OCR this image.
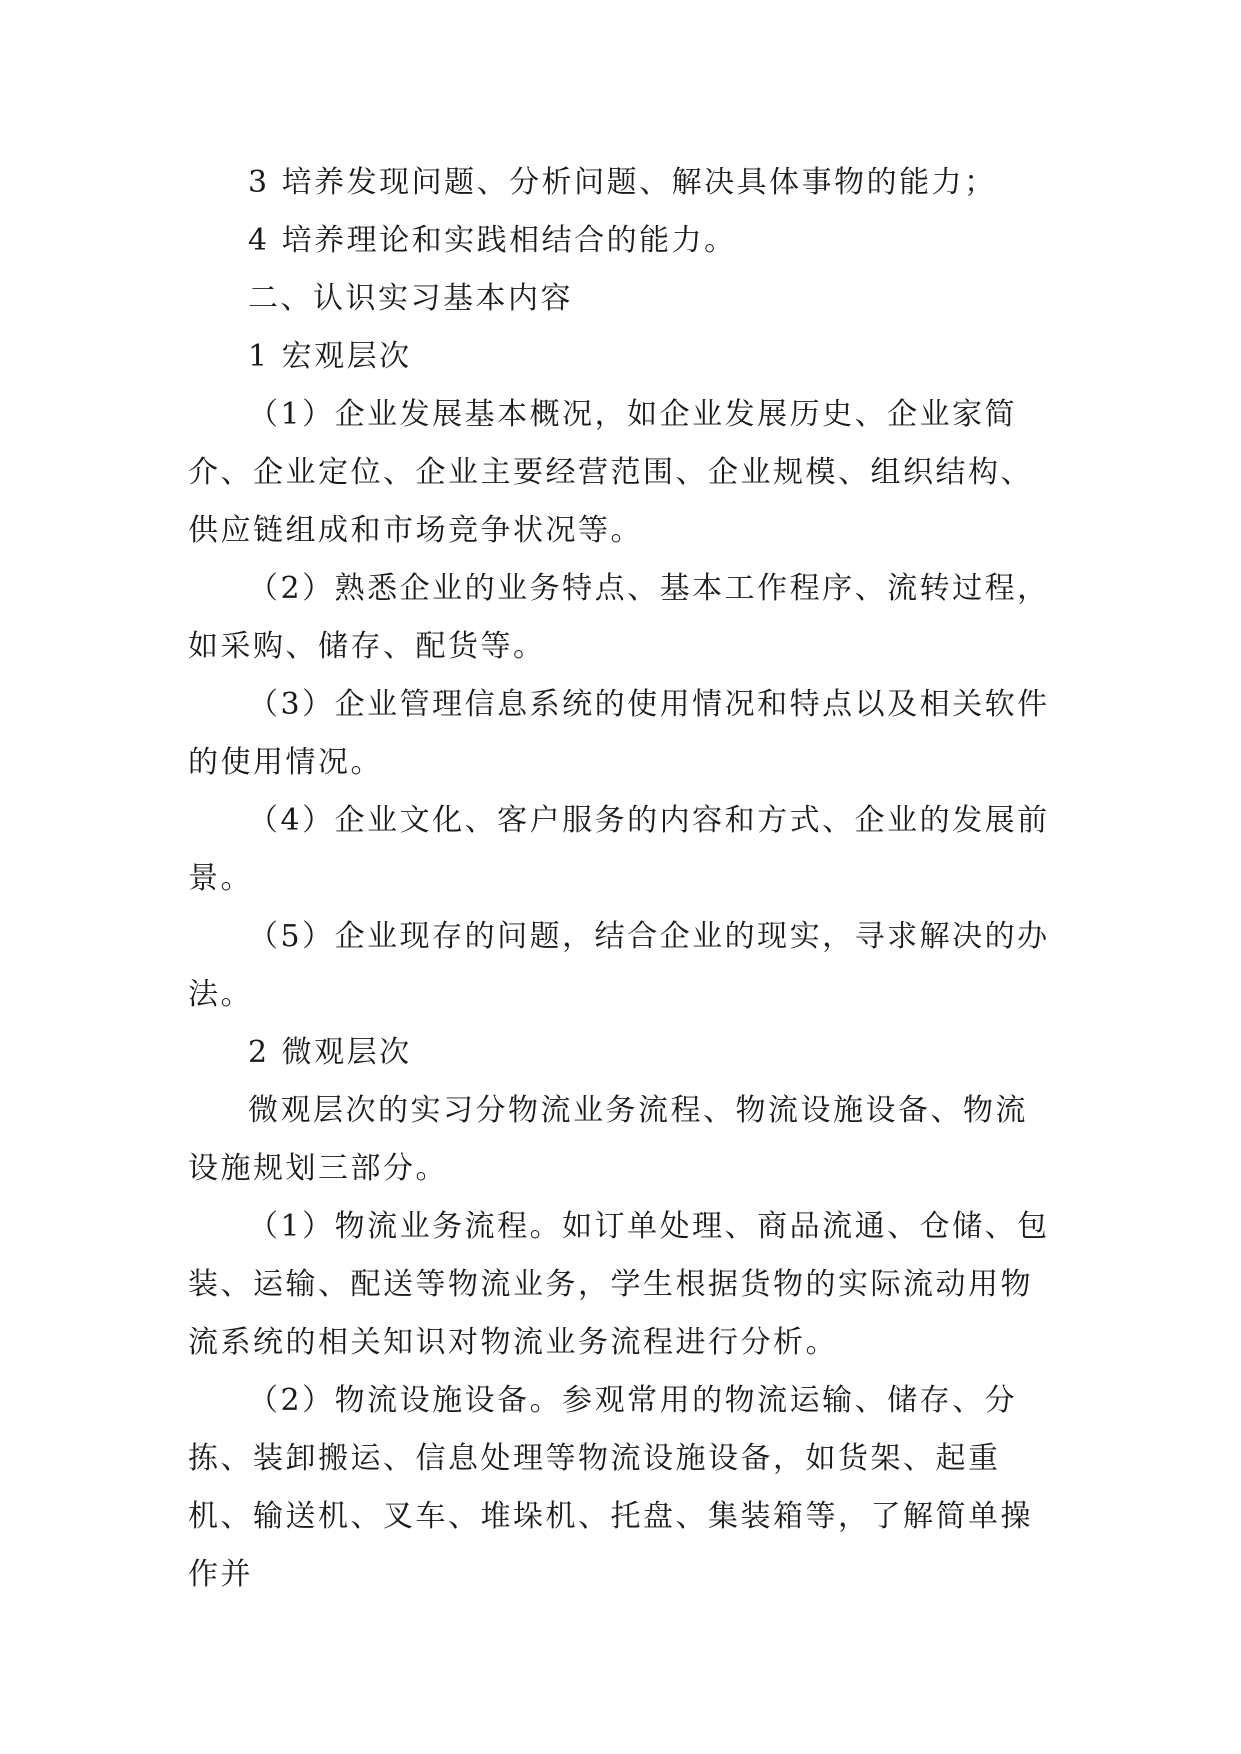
3 培养发现问题、分析问题、解决具体事物的能力；

4 培养理论和实践相结合的能力。

二、认识实习基本内容

1 宏观层次

（1）企业发展基本概况，如企业发展历史、企业家简介、企业定位、企业主要经营范围、企业规模、组织结构、供应链组成和市场竞争状况等。

（2）熟悉企业的业务特点、基本工作程序、流转过程，如采购、储存、配货等。

（3）企业管理信息系统的使用情况和特点以及相关软件的使用情况。

（4）企业文化、客户服务的内容和方式、企业的发展前景。

（5）企业现存的问题，结合企业的现实，寻求解决的办法。

2 微观层次

微观层次的实习分物流业务流程、物流设施设备、物流设施规划三部分。

（1）物流业务流程。如订单处理、商品流通、仓储、包装、运输、配送等物流业务，学生根据货物的实际流动用物流系统的相关知识对物流业务流程进行分析。

（2）物流设施设备。参观常用的物流运输、储存、分拣、装卸搬运、信息处理等物流设施设备，如货架、起重机、输送机、叉车、堆垛机、托盘、集装箱等，了解简单操作并
